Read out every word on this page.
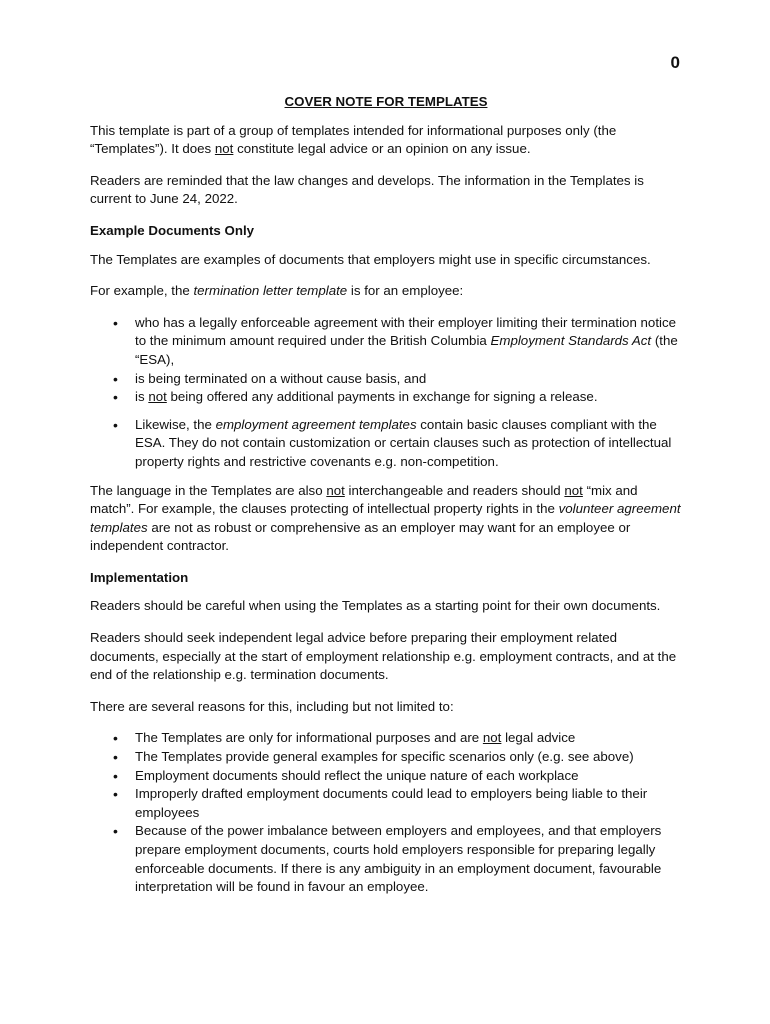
0
COVER NOTE FOR TEMPLATES

This template is part of a group of templates intended for informational purposes only (the “Templates”). It does not constitute legal advice or an opinion on any issue.

Readers are reminded that the law changes and develops. The information in the Templates is current to June 24, 2022.

Example Documents Only

The Templates are examples of documents that employers might use in specific circumstances.

For example, the termination letter template is for an employee:

• who has a legally enforceable agreement with their employer limiting their termination notice to the minimum amount required under the British Columbia Employment Standards Act (the “ESA),
• is being terminated on a without cause basis, and
• is not being offered any additional payments in exchange for signing a release.
• Likewise, the employment agreement templates contain basic clauses compliant with the ESA. They do not contain customization or certain clauses such as protection of intellectual property rights and restrictive covenants e.g. non-competition.

The language in the Templates are also not interchangeable and readers should not “mix and match”. For example, the clauses protecting of intellectual property rights in the volunteer agreement templates are not as robust or comprehensive as an employer may want for an employee or independent contractor.

Implementation

Readers should be careful when using the Templates as a starting point for their own documents.

Readers should seek independent legal advice before preparing their employment related documents, especially at the start of employment relationship e.g. employment contracts, and at the end of the relationship e.g. termination documents.

There are several reasons for this, including but not limited to:

• The Templates are only for informational purposes and are not legal advice
• The Templates provide general examples for specific scenarios only (e.g. see above)
• Employment documents should reflect the unique nature of each workplace
• Improperly drafted employment documents could lead to employers being liable to their employees
• Because of the power imbalance between employers and employees, and that employers prepare employment documents, courts hold employers responsible for preparing legally enforceable documents. If there is any ambiguity in an employment document, favourable interpretation will be found in favour an employee.
